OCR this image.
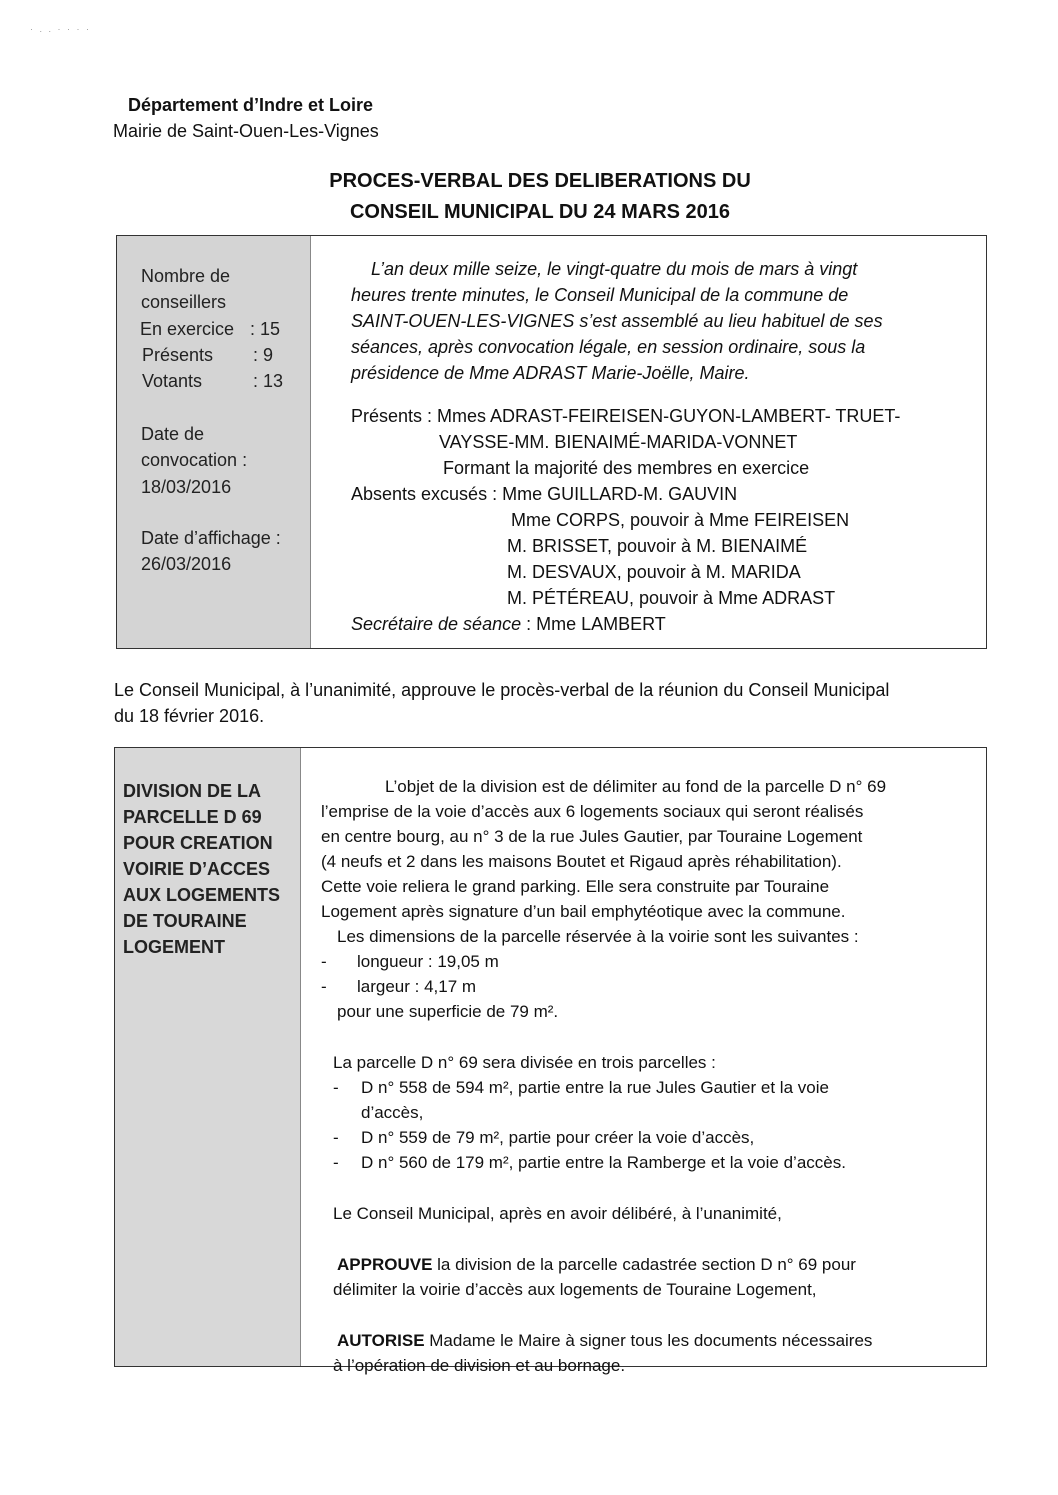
· . . · · · ·
Département d’Indre et Loire
Mairie de Saint-Ouen-Les-Vignes
PROCES-VERBAL DES DELIBERATIONS DU
CONSEIL MUNICIPAL DU 24 MARS 2016
Nombre de
conseillers
En exercice : 15
Présents : 9
Votants	: 13
Date de
convocation :
18/03/2016
Date d’affichage :
26/03/2016
L’an deux mille seize, le vingt-quatre du mois de mars à vingt
heures trente minutes, le Conseil Municipal de la commune de
SAINT-OUEN-LES-VIGNES s’est assemblé au lieu habituel de ses
séances, après convocation légale, en session ordinaire, sous la
présidence de Mme ADRAST Marie-Joëlle, Maire.
Présents : Mmes ADRAST-FEIREISEN-GUYON-LAMBERT- TRUET-
VAYSSE-MM. BIENAIMÉ-MARIDA-VONNET
Formant la majorité des membres en exercice
Absents excusés : Mme GUILLARD-M. GAUVIN
Mme CORPS, pouvoir à Mme FEIREISEN
M. BRISSET, pouvoir à M. BIENAIMÉ
M. DESVAUX, pouvoir à M. MARIDA
M. PÉTÉREAU, pouvoir à Mme ADRAST
Secrétaire de séance : Mme LAMBERT
Le Conseil Municipal, à l’unanimité, approuve le procès-verbal de la réunion du Conseil Municipal
du 18 février 2016.
DIVISION DE LA
PARCELLE D 69
POUR CREATION
VOIRIE D’ACCES
AUX LOGEMENTS
DE TOURAINE
LOGEMENT
L’objet de la division est de délimiter au fond de la parcelle D n° 69
l’emprise de la voie d’accès aux 6 logements sociaux qui seront réalisés
en centre bourg, au n° 3 de la rue Jules Gautier, par Touraine Logement
(4 neufs et 2 dans les maisons Boutet et Rigaud après réhabilitation).
Cette voie reliera le grand parking. Elle sera construite par Touraine
Logement après signature d’un bail emphytéotique avec la commune.
Les dimensions de la parcelle réservée à la voirie sont les suivantes :
- longueur : 19,05 m
- largeur : 4,17 m
pour une superficie de 79 m².
La parcelle D n° 69 sera divisée en trois parcelles :
- D n° 558 de 594 m², partie entre la rue Jules Gautier et la voie
d’accès,
- D n° 559 de 79 m², partie pour créer la voie d’accès,
- D n° 560 de 179 m², partie entre la Ramberge et la voie d’accès.
Le Conseil Municipal, après en avoir délibéré, à l’unanimité,
APPROUVE la division de la parcelle cadastrée section D n° 69 pour
délimiter la voirie d’accès aux logements de Touraine Logement,
AUTORISE Madame le Maire à signer tous les documents nécessaires
à l’opération de division et au bornage.
